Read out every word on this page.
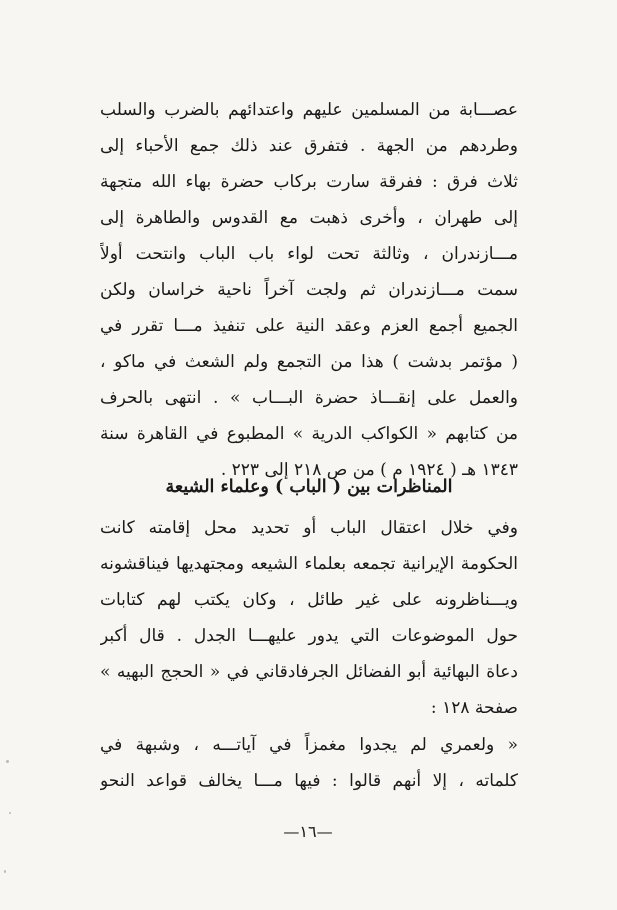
عصـــابة من المسلمين عليهم واعتدائهم بالضرب والسلب
وطردهم من الجهة . فتفرق عند ذلك جمع الأحباء إلى
ثلاث فرق : ففرقة سارت بركاب حضرة بهاء الله متجهة
إلى طهران ، وأخرى ذهبت مع القدوس والطاهرة إلى
مـــازندران ، وثالثة تحت لواء باب الباب وانتحت أولاً
سمت مـــازندران ثم ولجت آخراً ناحية خراسان ولكن
الجميع أجمع العزم وعقد النية على تنفيذ مـــا تقرر في
( مؤتمر بدشت ) هذا من التجمع ولم الشعث في ماكو ،
والعمل على إنقـــاذ حضرة البـــاب » . انتهى بالحرف
من كتابهم « الكواكب الدرية » المطبوع في القاهرة سنة
١٣٤٣ هـ ( ١٩٢٤ م ) من ص ٢١٨ إلى ٢٢٣ .
المناظرات بين ( الباب ) وعلماء الشيعة
وفي خلال اعتقال الباب أو تحديد محل إقامته كانت
الحكومة الإيرانية تجمعه بعلماء الشيعه ومجتهديها فيناقشونه
ويـــناظرونه على غير طائل ، وكان يكتب لهم كتابات
حول الموضوعات التي يدور عليهـــا الجدل . قال أكبر
دعاة البهائية أبو الفضائل الجرفادقاني في « الحجج البهيه »
صفحة ١٢٨ :
« ولعمري لم يجدوا مغمزاً في آياتـــه ، وشبهة في
كلماته ، إلا أنهم قالوا : فيها مـــا يخالف قواعد النحو
—١٦—
